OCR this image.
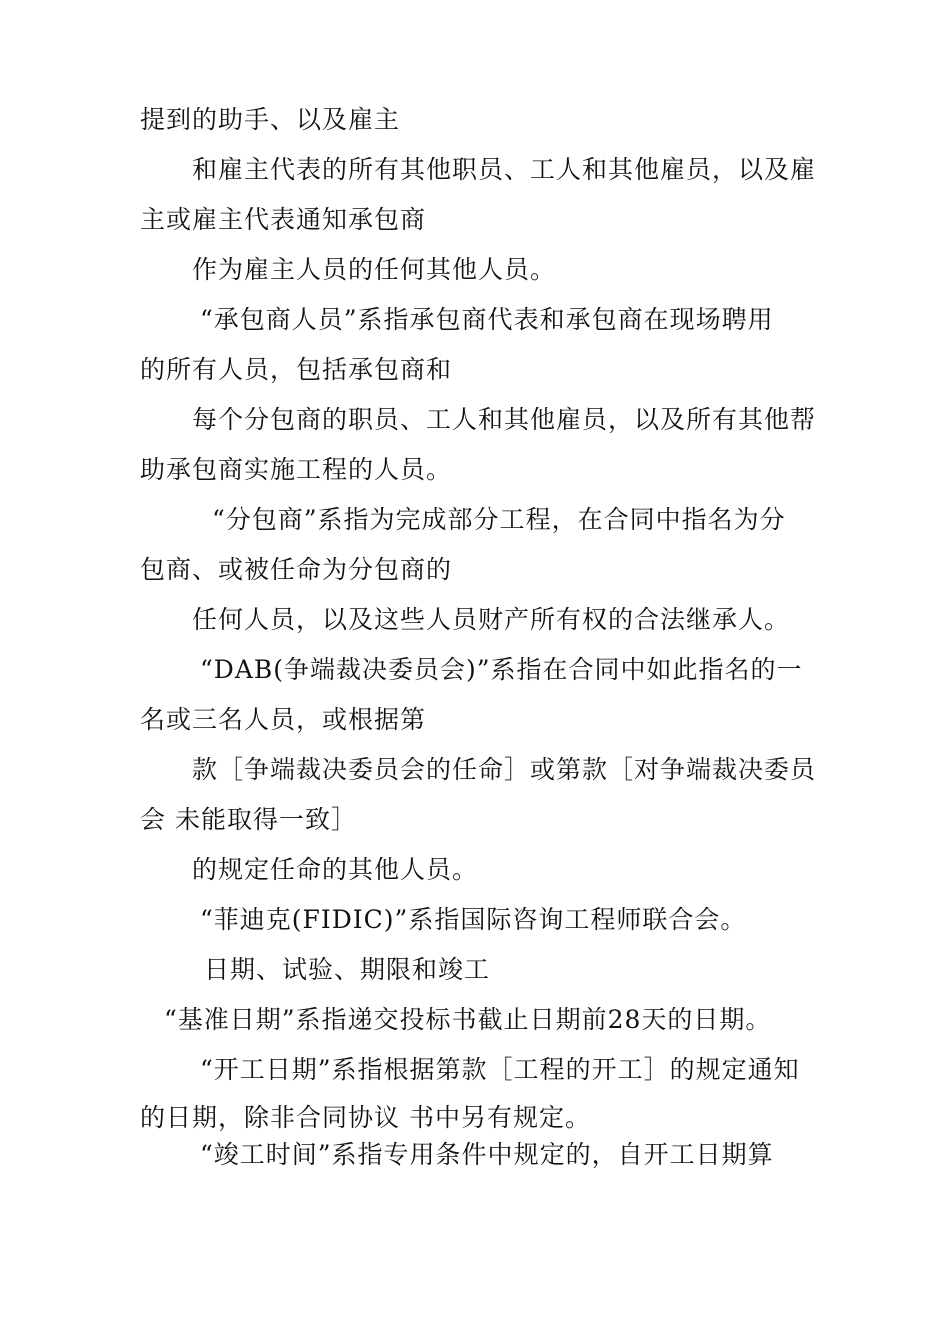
提到的助手、以及雇主

和雇主代表的所有其他职员、工人和其他雇员，以及雇

主或雇主代表通知承包商

作为雇主人员的任何其他人员。

“承包商人员”系指承包商代表和承包商在现场聘用

的所有人员，包括承包商和

每个分包商的职员、工人和其他雇员，以及所有其他帮

助承包商实施工程的人员。

“分包商”系指为完成部分工程，在合同中指名为分

包商、或被任命为分包商的

任何人员，以及这些人员财产所有权的合法继承人。

“DAB(争端裁决委员会)”系指在合同中如此指名的一

名或三名人员，或根据第

款［争端裁决委员会的任命］或第款［对争端裁决委员

会 未能取得一致］

的规定任命的其他人员。

“菲迪克(FIDIC)”系指国际咨询工程师联合会。

日期、试验、期限和竣工

“基准日期”系指递交投标书截止日期前28天的日期。

“开工日期”系指根据第款［工程的开工］的规定通知

的日期，除非合同协议 书中另有规定。

“竣工时间”系指专用条件中规定的，自开工日期算
